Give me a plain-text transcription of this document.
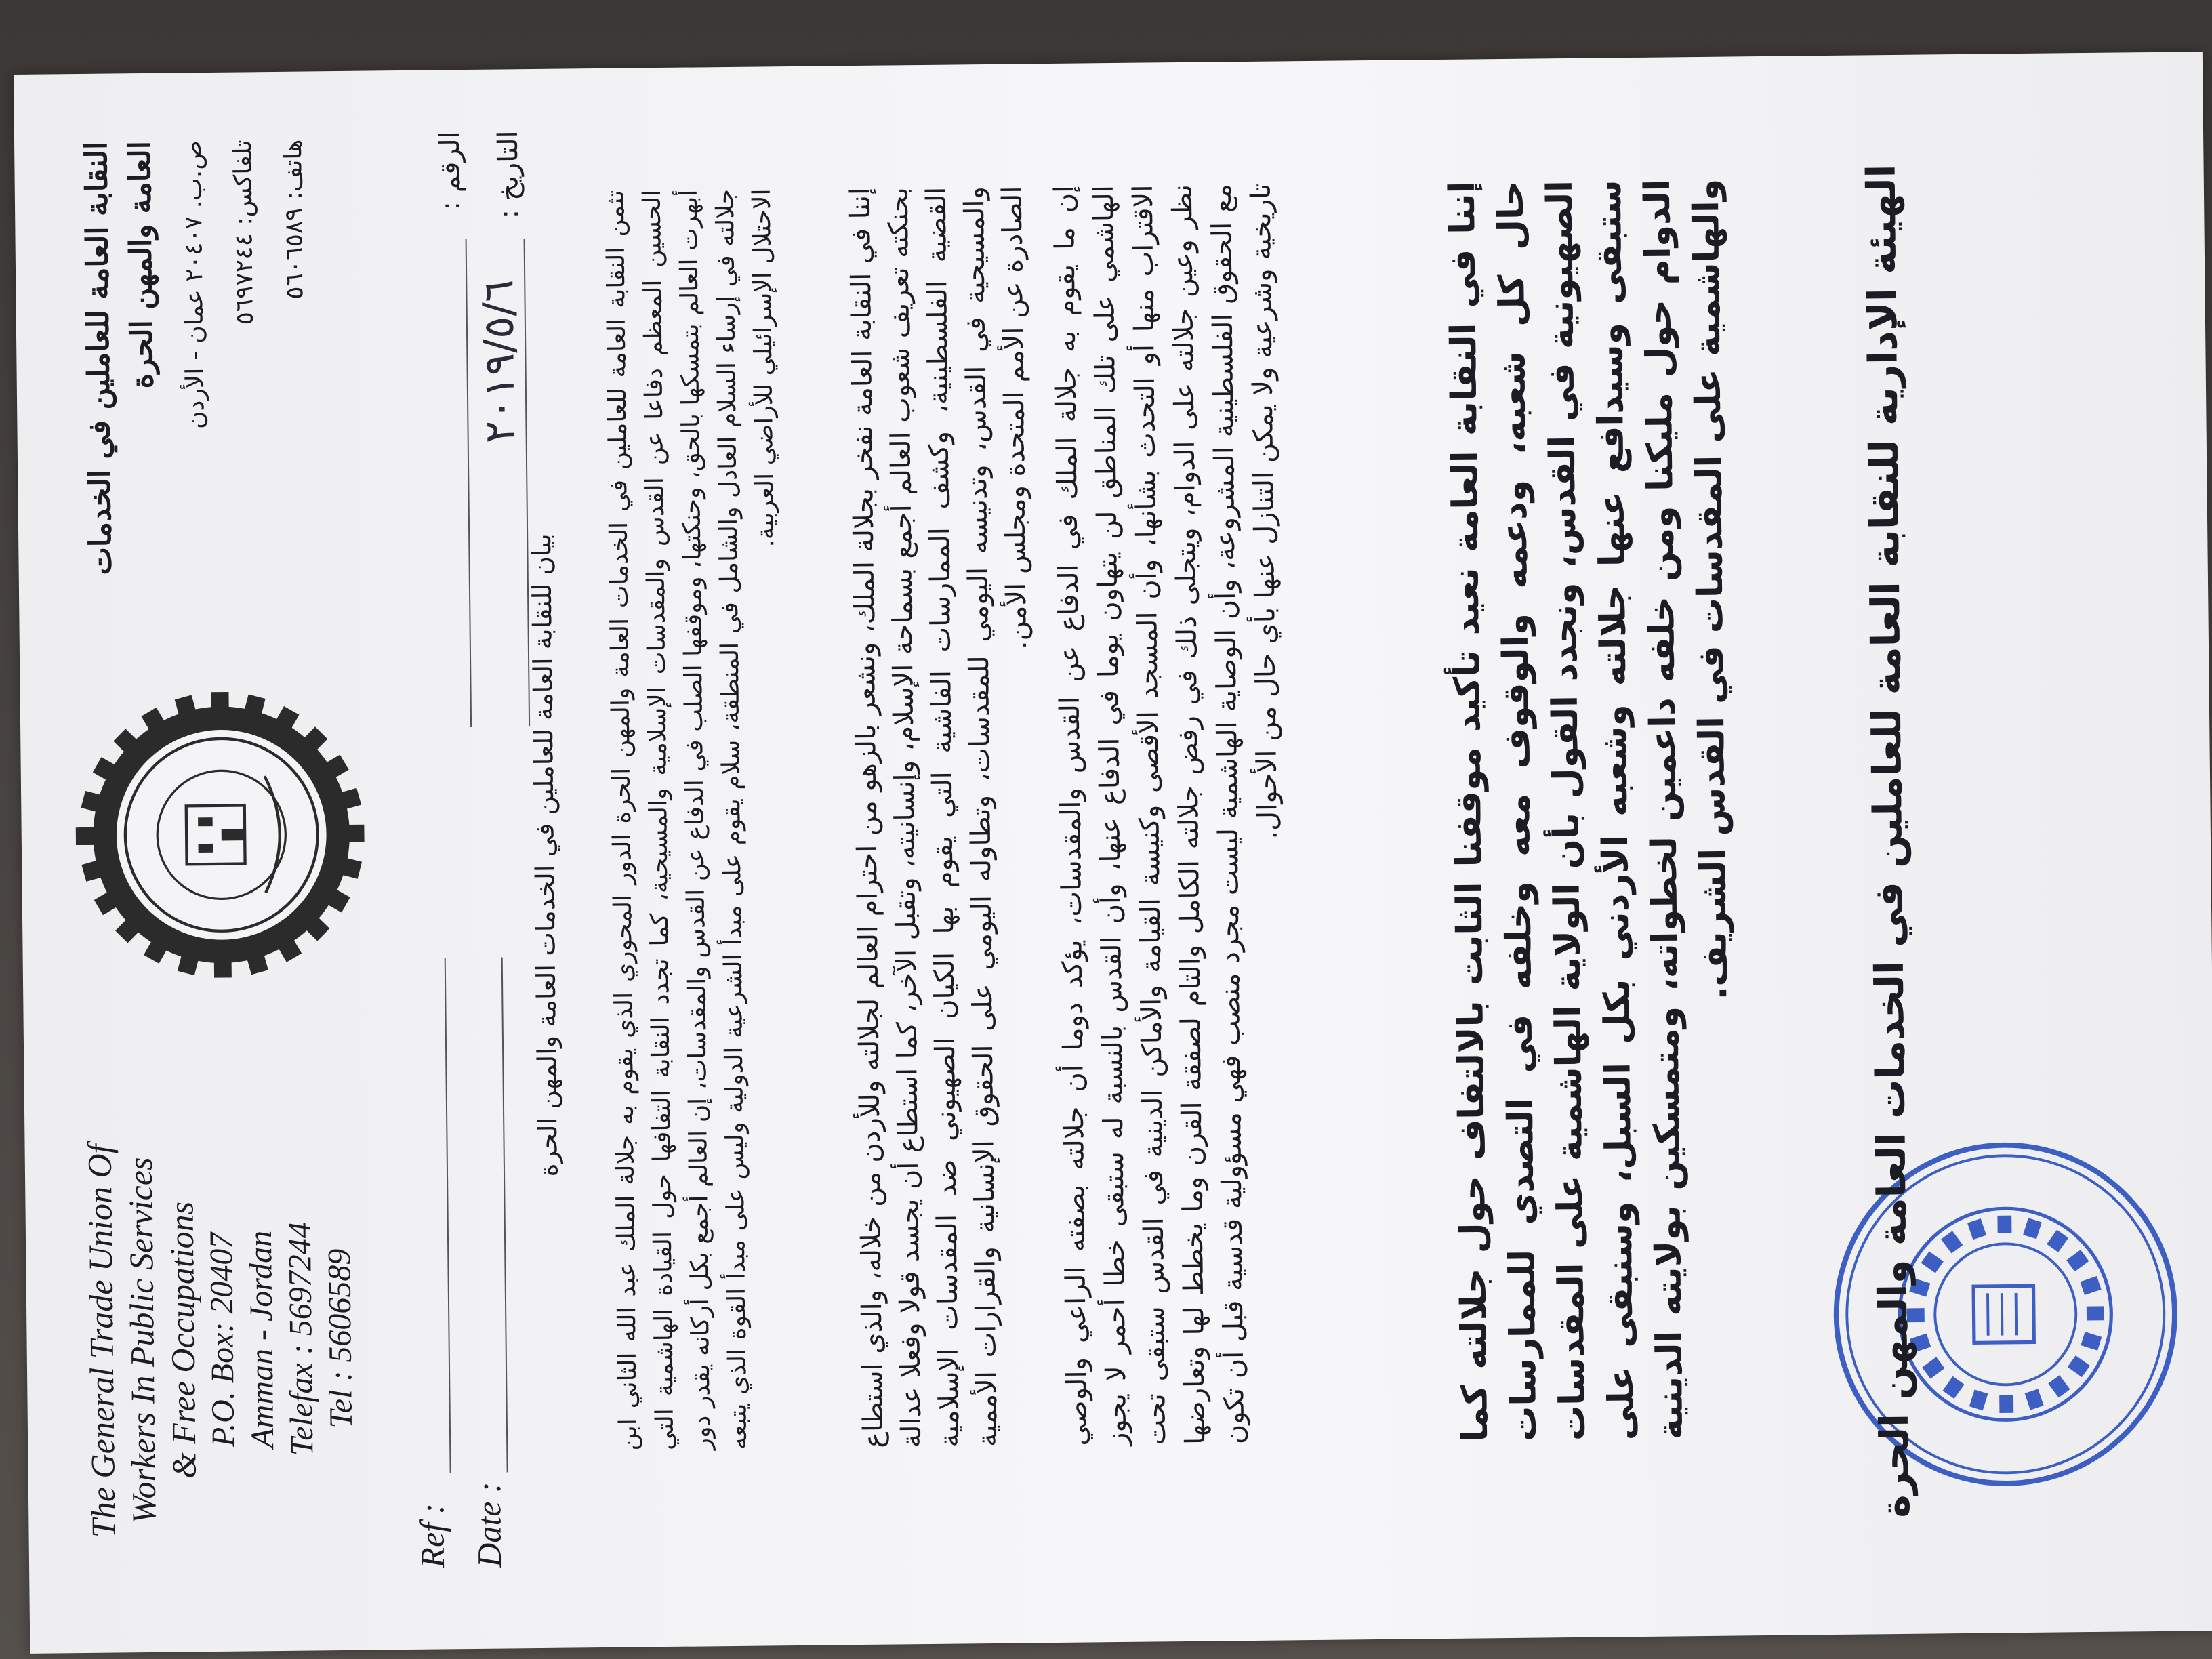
The General Trade Union Of
Workers In Public Services & Free Occupations P.O. Box: 20407 Amman - Jordan Telefax : 5697244 Tel : 5606589
النقابة العامة للعاملين في الخدمات العامة والمهن الحرة ص.ب. ٢٠٤٠٧ عمان - الأردن
تلفاكس: ٥٦٩٧٢٤٤
هاتف: ٥٦٠٦٥٨٩
Ref : Date :
الرقم : التاريخ :
٢٠١٩/٥/٦
بيان للنقابة العامة للعاملين في الخدمات العامة والمهن الحرة تثمن النقابة العامة للعاملين في الخدمات العامة والمهن الحرة الدور المحوري الذي يقوم به جلالة الملك عبد الله الثاني ابن الحسين المعظم دفاعا عن القدس والمقدسات الإسلامية والمسيحية، كما تجدد النقابة التفافها حول القيادة الهاشمية التي أبهرت العالم بتمسكها بالحق، وحنكتها، وموقفها الصلب في الدفاع عن القدس والمقدسات، إن العالم أجمع بكل أركانه يقدر دور جلالته في إرساء السلام العادل والشامل في المنطقة، سلام يقوم على مبدأ الشرعية الدولية وليس على مبدأ القوة الذي يتبعه الاحتلال الإسرائيلي للأراضي العربية.	إننا في النقابة العامة نفخر بجلالة الملك، ونشعر بالزهو من احترام العالم لجلالته وللأردن من خلاله، والذي استطاع بحنكته تعريف شعوب العالم أجمع بسماحة الإسلام، وإنسانيته، وتقبل الآخر، كما استطاع أن يجسد قولا وفعلا عدالة القضية الفلسطينية، وكشف الممارسات الفاشية التي يقوم بها الكيان الصهيوني ضد المقدسات الإسلامية والمسيحية في القدس، وتدنيسه اليومي للمقدسات، وتطاوله اليومي على الحقوق الإنسانية والقرارات الأممية الصادرة عن الأمم المتحدة ومجلس الأمن. إن ما يقوم به جلالة الملك في الدفاع عن القدس والمقدسات، يؤكد دوما أن جلالته بصفته الراعي والوصي الهاشمي على تلك المناطق لن يتهاون يوما في الدفاع عنها، وأن القدس بالنسبة له ستبقى خطا أحمر لا يجوز الاقتراب منها أو التحدث بشأنها، وأن المسجد الأقصى وكنيسة القيامة والأماكن الدينية في القدس ستبقى تحت نظر وعين جلالته على الدوام، ويتجلى ذلك في رفض جلالته الكامل والتام لصفقة القرن وما يخطط لها وتعارضها مع الحقوق الفلسطينية المشروعة، وأن الوصاية الهاشمية ليست مجرد منصب فهي مسؤولية قدسية قبل أن تكون تاريخية وشرعية ولا يمكن التنازل عنها بأي حال من الأحوال.	إننا في النقابة العامة نعيد تأكيد موقفنا الثابت بالالتفاف حول جلالته كما حال كل شعبه، ودعمه والوقوف معه وخلفه في التصدي للممارسات الصهيونية في القدس، ونجدد القول بأن الولاية الهاشمية على المقدسات ستبقى وسيدافع عنها جلالته وشعبه الأردني بكل السبل، وسنبقى على الدوام حول مليكنا ومن خلفه داعمين لخطواته، ومتمسكين بولايته الدينية والهاشمية على المقدسات في القدس الشريف.	الهيئة الإدارية للنقابة العامة للعاملين في الخدمات العامة والمهن الحرة
